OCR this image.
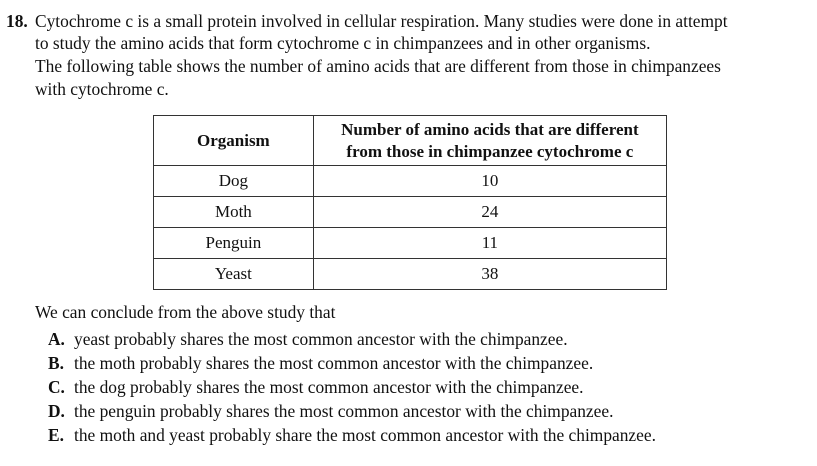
18. Cytochrome c is a small protein involved in cellular respiration. Many studies were done in attempt
to study the amino acids that form cytochrome c in chimpanzees and in other organisms.
The following table shows the number of amino acids that are different from those in chimpanzees
with cytochrome c.
Organism	Number of amino acids that are different
from those in chimpanzee cytochrome c

Dog	10
Moth	24
Penguin	11
Yeast	38
We can conclude from the above study that
A. yeast probably shares the most common ancestor with the chimpanzee.
B. the moth probably shares the most common ancestor with the chimpanzee.
C. the dog probably shares the most common ancestor with the chimpanzee.
D. the penguin probably shares the most common ancestor with the chimpanzee.
E. the moth and yeast probably share the most common ancestor with the chimpanzee.
